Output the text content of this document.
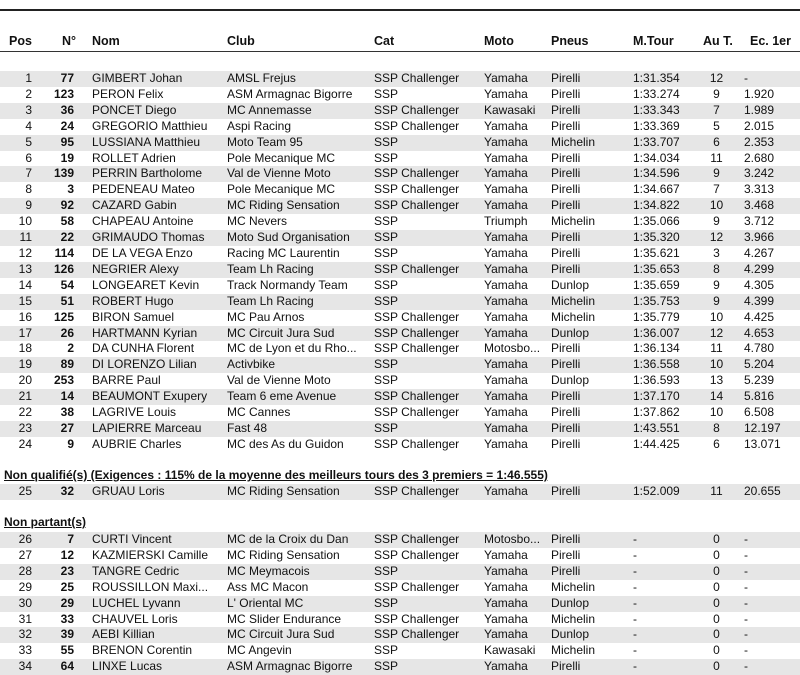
	Pos	N°	Nom	Club	Cat	Moto	Pneus	M.Tour	Au T.	Ec. 1er
	1	77	GIMBERT Johan	AMSL Frejus	SSP Challenger	Yamaha	Pirelli	1:31.354	12	-
	2	123	PERON Felix	ASM Armagnac Bigorre	SSP	Yamaha	Pirelli	1:33.274	9	1.920
	3	36	PONCET Diego	MC Annemasse	SSP Challenger	Kawasaki	Pirelli	1:33.343	7	1.989
	4	24	GREGORIO Matthieu	Aspi Racing	SSP Challenger	Yamaha	Pirelli	1:33.369	5	2.015
	5	95	LUSSIANA Matthieu	Moto Team 95	SSP	Yamaha	Michelin	1:33.707	6	2.353
	6	19	ROLLET Adrien	Pole Mecanique MC	SSP	Yamaha	Pirelli	1:34.034	11	2.680
	7	139	PERRIN Bartholome	Val de Vienne Moto	SSP Challenger	Yamaha	Pirelli	1:34.596	9	3.242
	8	3	PEDENEAU Mateo	Pole Mecanique MC	SSP Challenger	Yamaha	Pirelli	1:34.667	7	3.313
	9	92	CAZARD Gabin	MC Riding Sensation	SSP Challenger	Yamaha	Pirelli	1:34.822	10	3.468
	10	58	CHAPEAU Antoine	MC Nevers	SSP	Triumph	Michelin	1:35.066	9	3.712
	11	22	GRIMAUDO Thomas	Moto Sud Organisation	SSP	Yamaha	Pirelli	1:35.320	12	3.966
	12	114	DE LA VEGA Enzo	Racing MC Laurentin	SSP	Yamaha	Pirelli	1:35.621	3	4.267
	13	126	NEGRIER Alexy	Team Lh Racing	SSP Challenger	Yamaha	Pirelli	1:35.653	8	4.299
	14	54	LONGEARET Kevin	Track Normandy Team	SSP	Yamaha	Dunlop	1:35.659	9	4.305
	15	51	ROBERT Hugo	Team Lh Racing	SSP	Yamaha	Michelin	1:35.753	9	4.399
	16	125	BIRON Samuel	MC Pau Arnos	SSP Challenger	Yamaha	Michelin	1:35.779	10	4.425
	17	26	HARTMANN Kyrian	MC Circuit Jura Sud	SSP Challenger	Yamaha	Dunlop	1:36.007	12	4.653
	18	2	DA CUNHA Florent	MC de Lyon et du Rho...	SSP Challenger	Motosbo...	Pirelli	1:36.134	11	4.780
	19	89	DI LORENZO Lilian	Activbike	SSP	Yamaha	Pirelli	1:36.558	10	5.204
	20	253	BARRE Paul	Val de Vienne Moto	SSP	Yamaha	Dunlop	1:36.593	13	5.239
	21	14	BEAUMONT Exupery	Team 6 eme Avenue	SSP Challenger	Yamaha	Pirelli	1:37.170	14	5.816
	22	38	LAGRIVE Louis	MC Cannes	SSP Challenger	Yamaha	Pirelli	1:37.862	10	6.508
	23	27	LAPIERRE Marceau	Fast 48	SSP	Yamaha	Pirelli	1:43.551	8	12.197
	24	9	AUBRIE Charles	MC des As du Guidon	SSP Challenger	Yamaha	Pirelli	1:44.425	6	13.071
Non qualifié(s) (Exigences : 115% de la moyenne des meilleurs tours des 3 premiers = 1:46.555)
	25	32	GRUAU Loris	MC Riding Sensation	SSP Challenger	Yamaha	Pirelli	1:52.009	11	20.655
Non partant(s)
	26	7	CURTI Vincent	MC de la Croix du Dan	SSP Challenger	Motosbo...	Pirelli	-	0	-
	27	12	KAZMIERSKI Camille	MC Riding Sensation	SSP Challenger	Yamaha	Pirelli	-	0	-
	28	23	TANGRE Cedric	MC Meymacois	SSP	Yamaha	Pirelli	-	0	-
	29	25	ROUSSILLON Maxi...	Ass MC Macon	SSP Challenger	Yamaha	Michelin	-	0	-
	30	29	LUCHEL Lyvann	L' Oriental MC	SSP	Yamaha	Dunlop	-	0	-
	31	33	CHAUVEL Loris	MC Slider Endurance	SSP Challenger	Yamaha	Michelin	-	0	-
	32	39	AEBI Killian	MC Circuit Jura Sud	SSP Challenger	Yamaha	Dunlop	-	0	-
	33	55	BRENON Corentin	MC Angevin	SSP	Kawasaki	Michelin	-	0	-
	34	64	LINXE Lucas	ASM Armagnac Bigorre	SSP	Yamaha	Pirelli	-	0	-
